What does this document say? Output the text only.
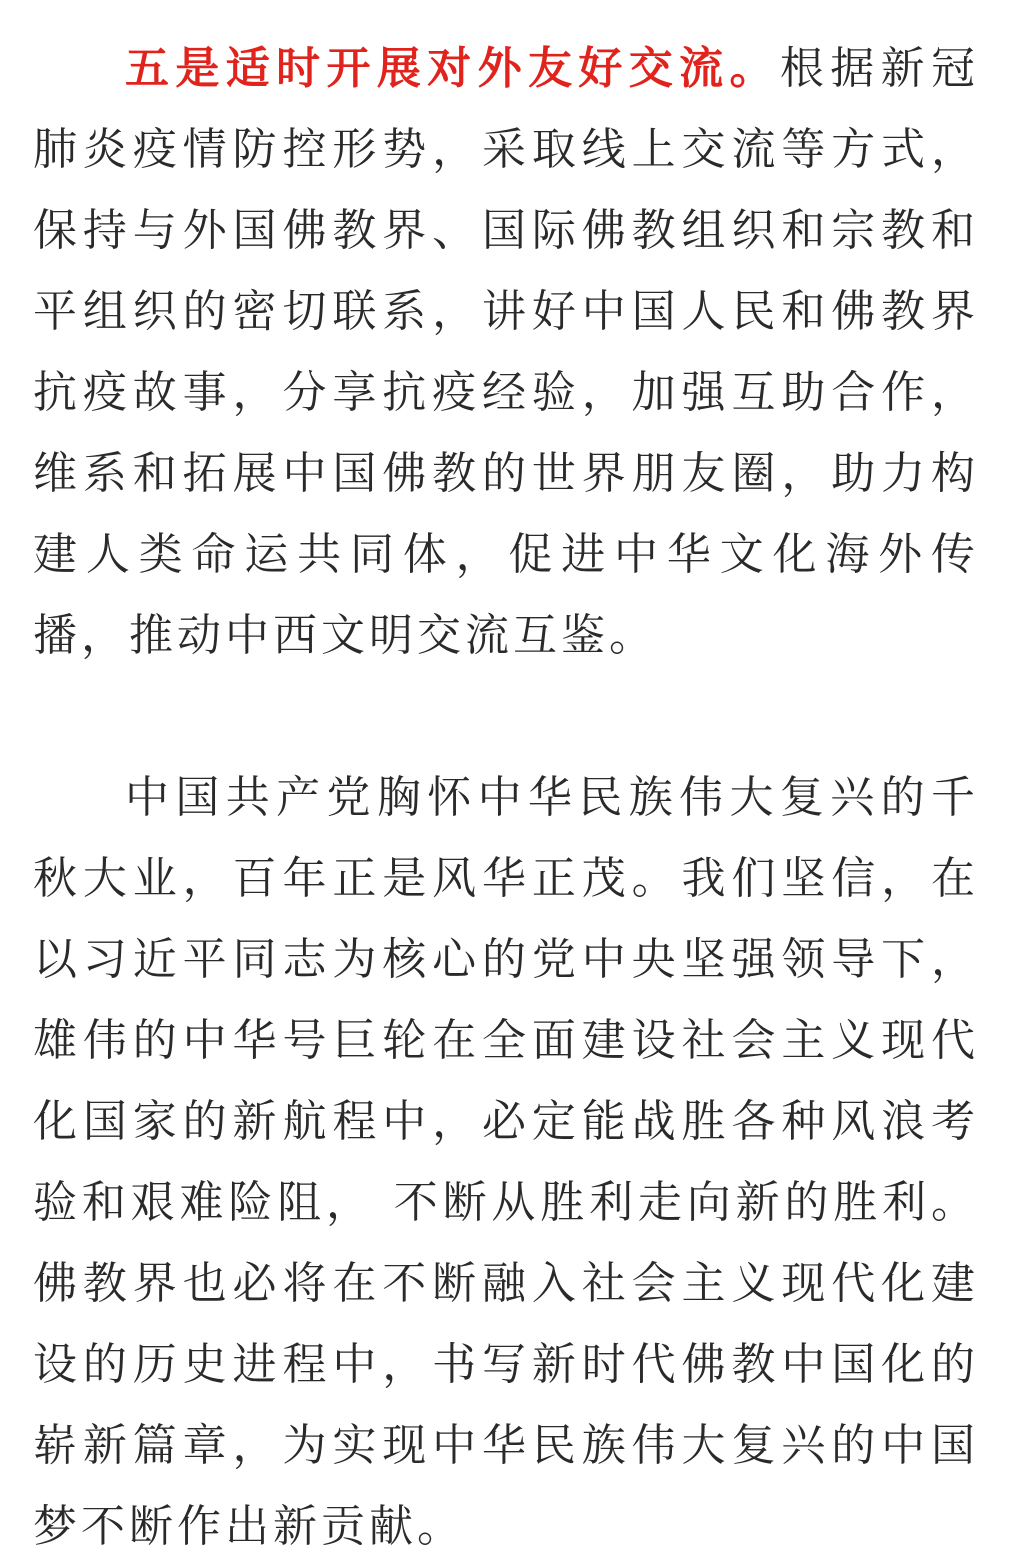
五是适时开展对外友好交流。根据新冠肺炎疫情防控形势，采取线上交流等方式，保持与外国佛教界、国际佛教组织和宗教和平组织的密切联系，讲好中国人民和佛教界抗疫故事，分享抗疫经验，加强互助合作，维系和拓展中国佛教的世界朋友圈，助力构建人类命运共同体，促进中华文化海外传播，推动中西文明交流互鉴。

中国共产党胸怀中华民族伟大复兴的千秋大业，百年正是风华正茂。我们坚信，在以习近平同志为核心的党中央坚强领导下，雄伟的中华号巨轮在全面建设社会主义现代化国家的新航程中，必定能战胜各种风浪考验和艰难险阻， 不断从胜利走向新的胜利。佛教界也必将在不断融入社会主义现代化建设的历史进程中，书写新时代佛教中国化的崭新篇章，为实现中华民族伟大复兴的中国梦不断作出新贡献。
